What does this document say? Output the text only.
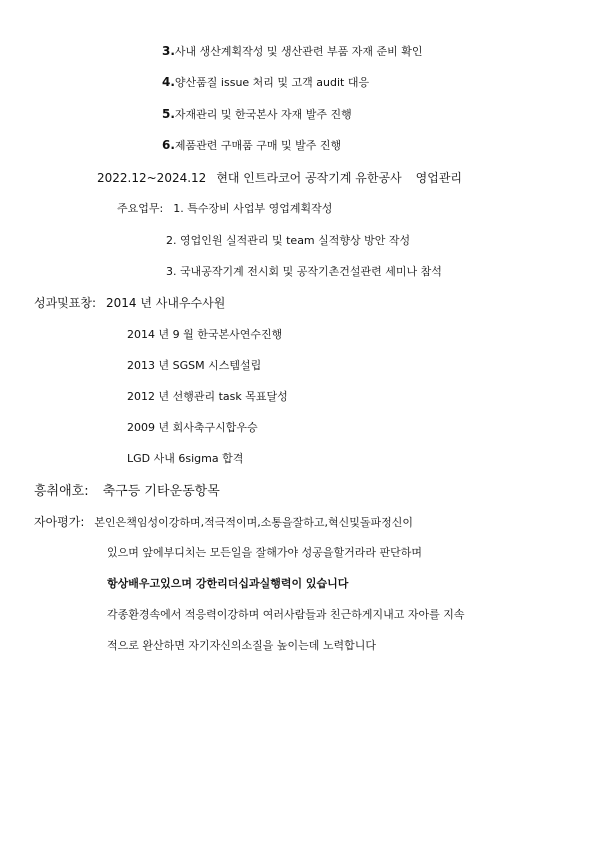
3.사내 생산계획작성 및 생산관련 부품 자재 준비 확인
4.양산품질 issue 처리 및 고객 audit 대응
5.자재관리 및 한국본사 자재 발주 진행
6.제품관련 구매품 구매 및 발주 진행
2022.12~2024.12 현대 인트라코어 공작기계 유한공사 영업관리
주요업무: 1. 특수장비 사업부 영업계획작성
2. 영업인원 실적관리 및 team 실적향상 방안 작성
3. 국내공작기계 전시회 및 공작기촌건설관련 세미나 참석
성과및표창: 2014 년 사내우수사원
2014 년 9 월 한국본사연수진행
2013 년 SGSM 시스템설립
2012 년 선행관리 task 목표달성
2009 년 회사축구시합우승
LGD 사내 6sigma 합격
흥취애호: 축구등 기타운동항목
자아평가: 본인은책임성이강하며,적극적이며,소통을잘하고,혁신및돌파정신이
있으며 앞에부디치는 모든일을 잘해가야 성공을할거라라 판단하며
항상배우고있으며 강한리더십과실행력이 있습니다
각종환경속에서 적응력이강하며 여러사람들과 친근하게지내고 자아를 지속
적으로 완산하면 자기자신의소질을 높이는데 노력합니다
